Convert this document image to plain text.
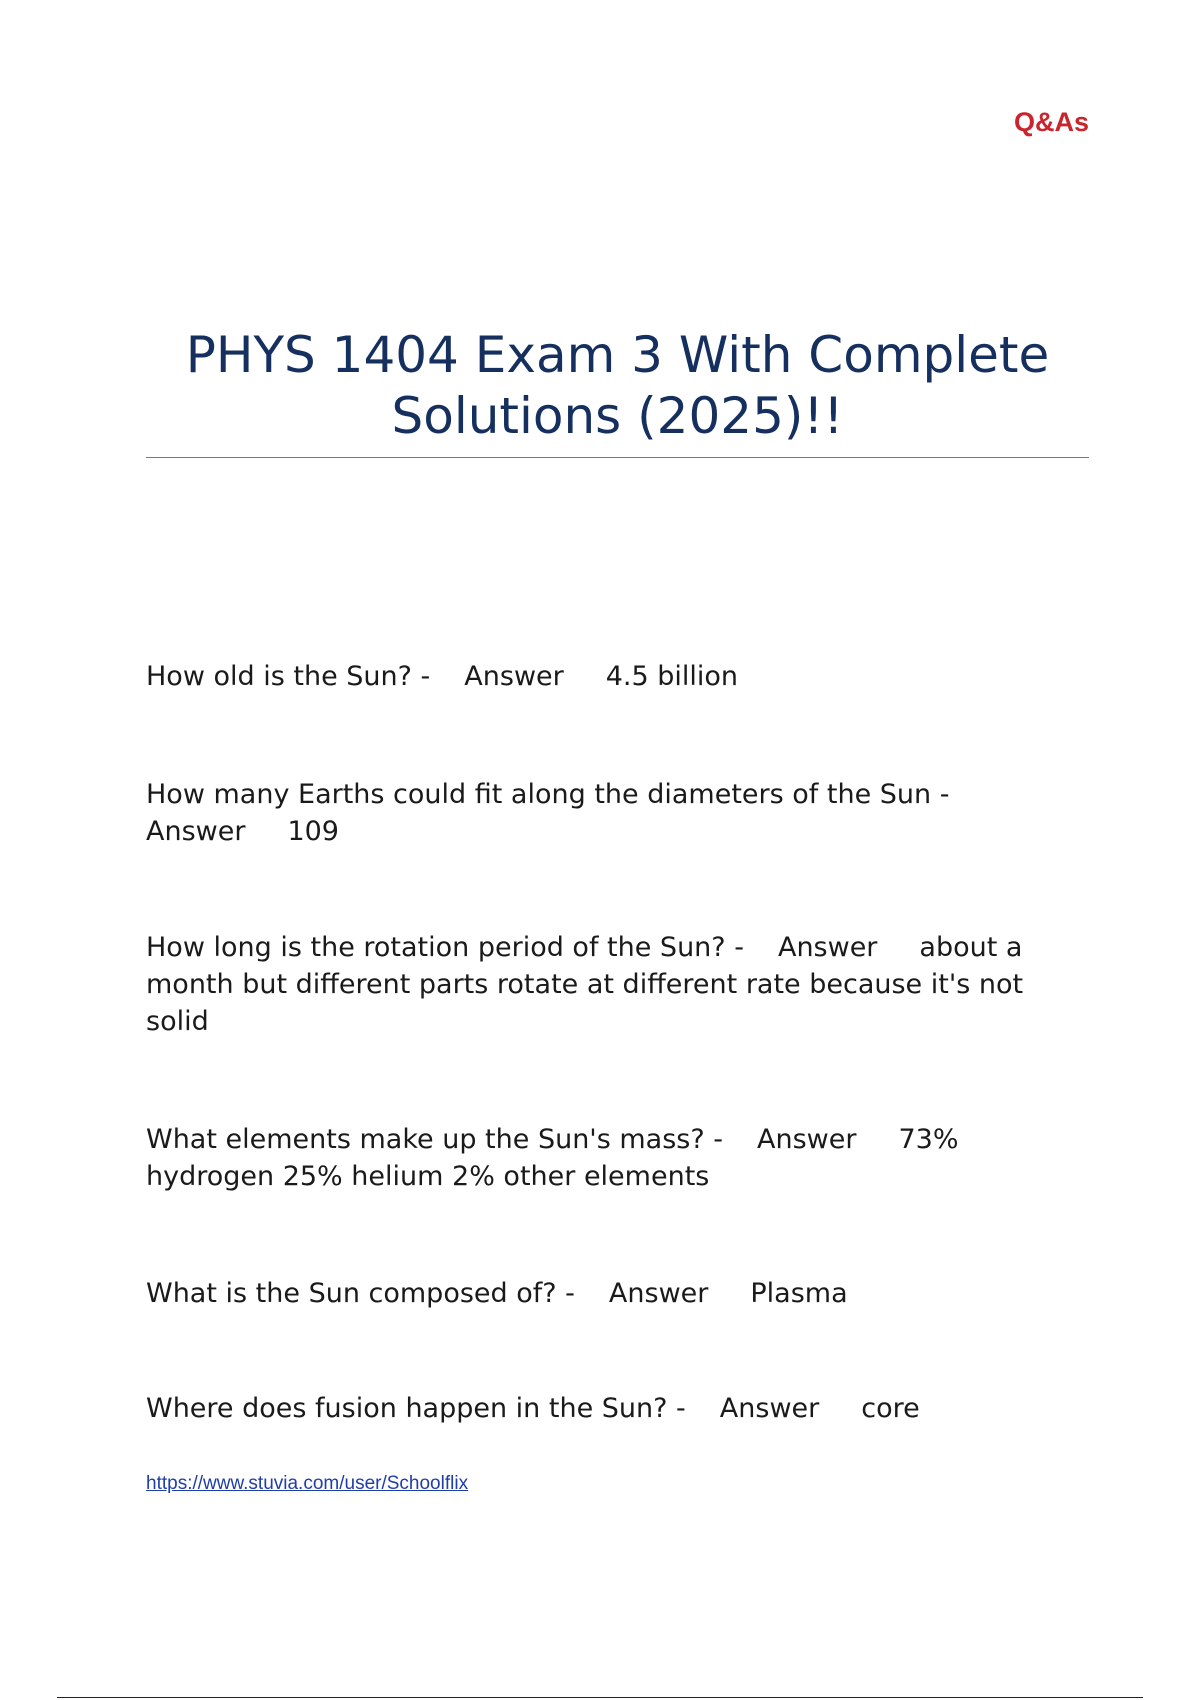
Q&As
PHYS 1404 Exam 3 With Complete
Solutions (2025)!!

How old is the Sun? - Answer 4.5 billion

How many Earths could fit along the diameters of the Sun -
Answer 109

How long is the rotation period of the Sun? - Answer about a
month but different parts rotate at different rate because it's not
solid

What elements make up the Sun's mass? - Answer 73%
hydrogen 25% helium 2% other elements

What is the Sun composed of? - Answer Plasma

Where does fusion happen in the Sun? - Answer core

https://www.stuvia.com/user/Schoolflix
